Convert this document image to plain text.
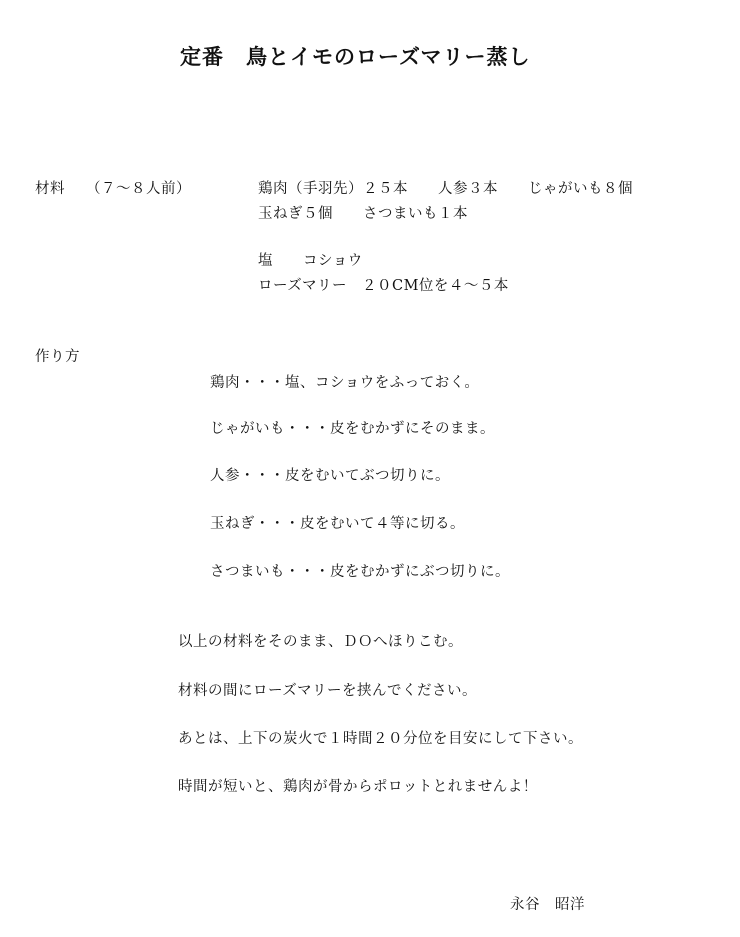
定番　鳥とイモのローズマリー蒸し
材料 （７～８人前）	鶏肉（手羽先）２５本　　人参３本　　じゃがいも８個
玉ねぎ５個　　さつまいも１本
塩　　コショウ
ローズマリー　２０CM位を４～５本
作り方
鶏肉・・・塩、コショウをふっておく。
じゃがいも・・・皮をむかずにそのまま。
人参・・・皮をむいてぶつ切りに。
玉ねぎ・・・皮をむいて４等に切る。
さつまいも・・・皮をむかずにぶつ切りに。
以上の材料をそのまま、ＤＯへほりこむ。
材料の間にローズマリーを挟んでください。
あとは、上下の炭火で１時間２０分位を目安にして下さい。
時間が短いと、鶏肉が骨からポロットとれませんよ！
永谷　昭洋
